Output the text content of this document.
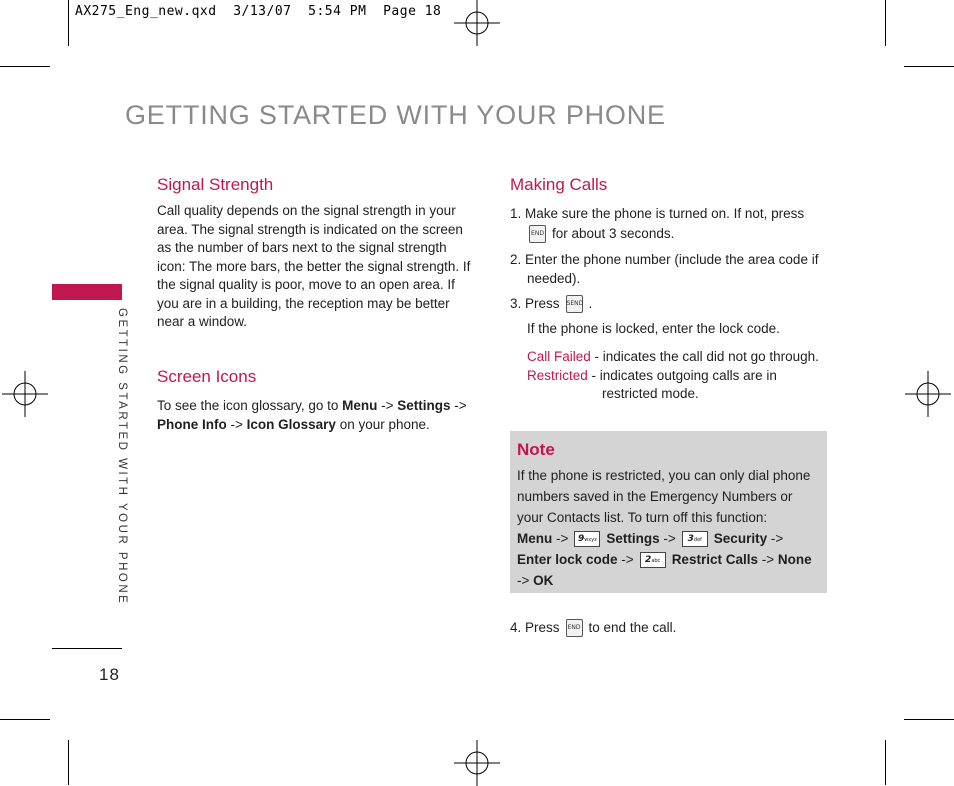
AX275_Eng_new.qxd  3/13/07  5:54 PM  Page 18
GETTING STARTED WITH YOUR PHONE
GETTING STARTED WITH YOUR PHONE
18
Signal Strength
Call quality depends on the signal strength in your
area. The signal strength is indicated on the screen
as the number of bars next to the signal strength
icon: The more bars, the better the signal strength. If
the signal quality is poor, move to an open area. If
you are in a building, the reception may be better
near a window.
Screen Icons
To see the icon glossary, go to Menu -> Settings ->
Phone Info -> Icon Glossary on your phone.
Making Calls
1. Make sure the phone is turned on. If not, press
END for about 3 seconds.
2. Enter the phone number (include the area code if
needed).
3. Press SEND .
If the phone is locked, enter the lock code.
Call Failed - indicates the call did not go through.
Restricted - indicates outgoing calls are in
restricted mode.
Note
If the phone is restricted, you can only dial phone
numbers saved in the Emergency Numbers or
your Contacts list. To turn off this function:
Menu -> 9wxyz Settings -> 3def Security ->
Enter lock code -> 2abc Restrict Calls -> None
-> OK
4. Press END to end the call.
